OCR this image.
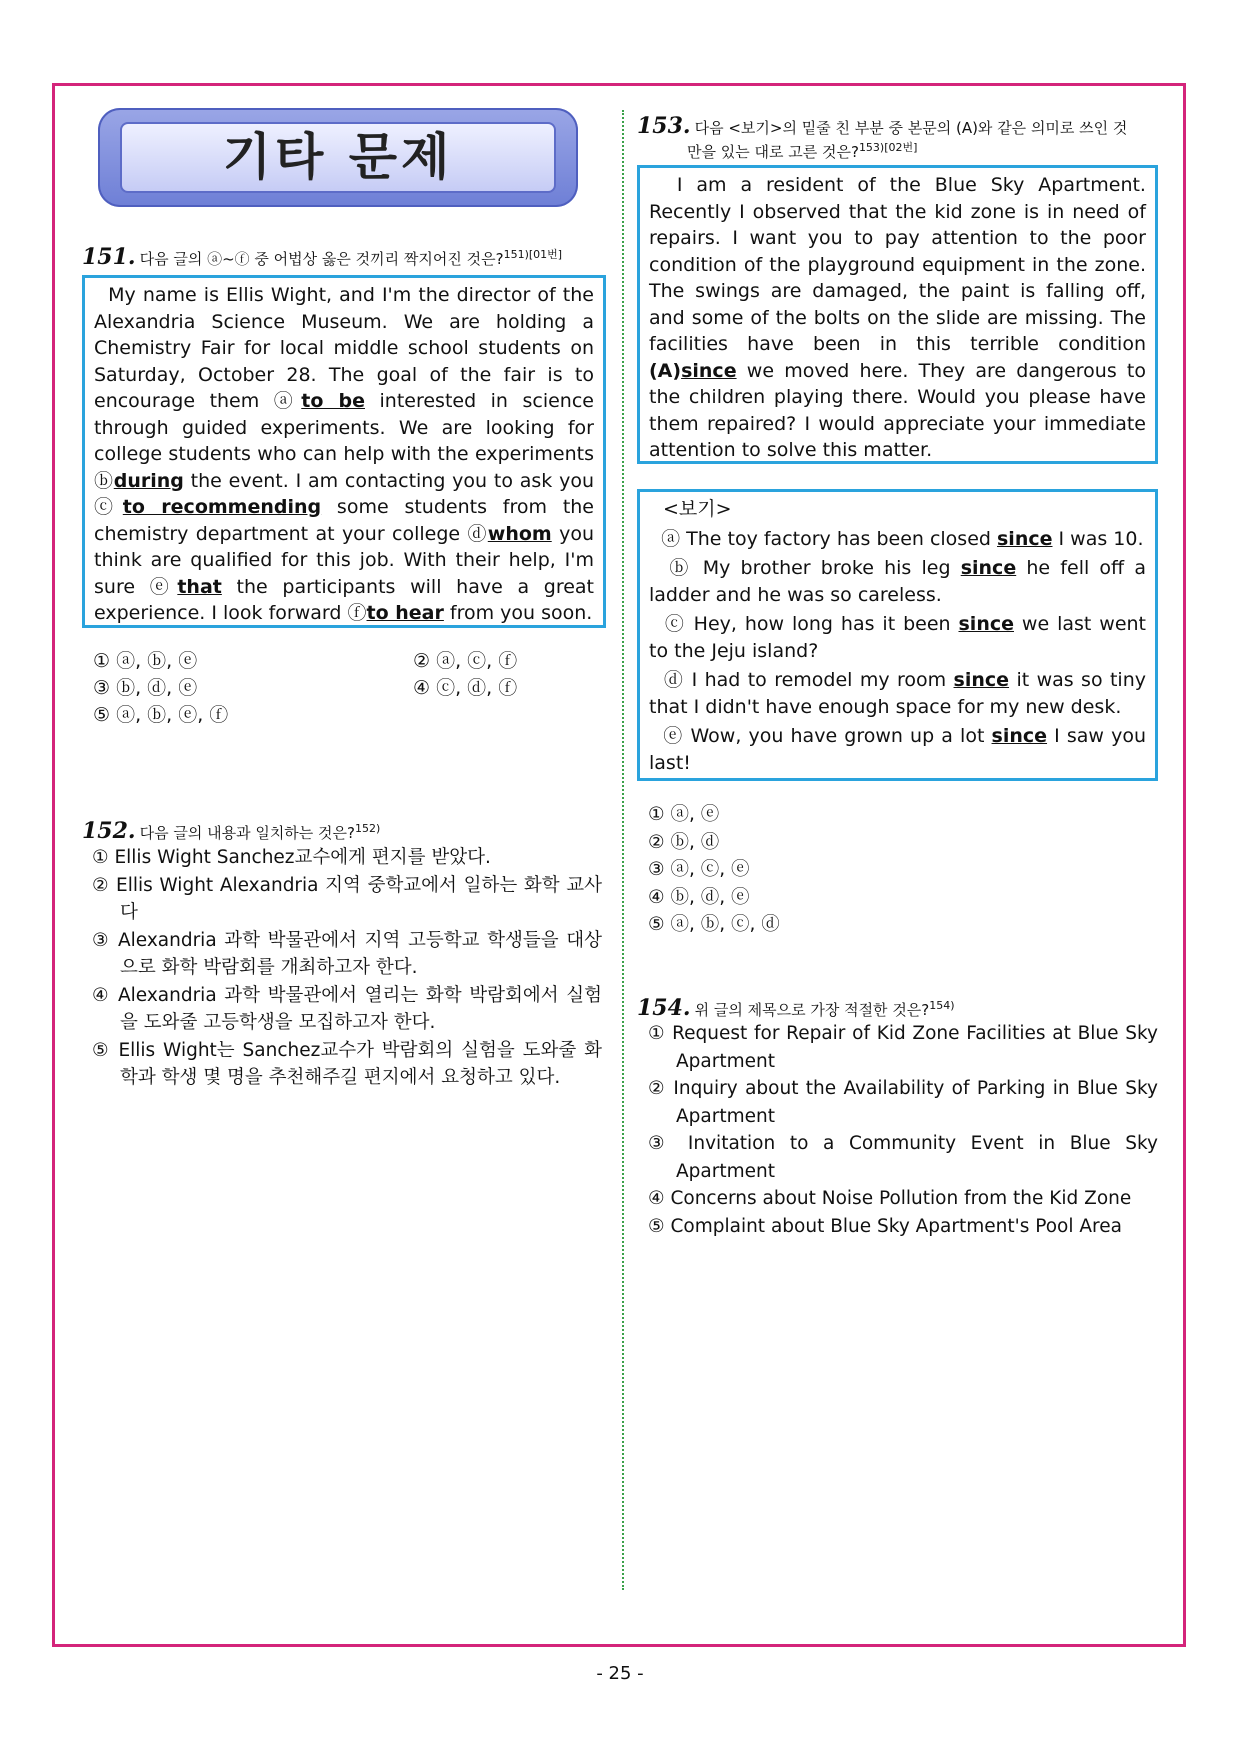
기타 문제
151. 다음 글의 ⓐ~ⓕ 중 어법상 옳은 것끼리 짝지어진 것은?$^{151)[01번]}$

My name is Ellis Wight, and I'm the director of the Alexandria Science Museum. We are holding a Chemistry Fair for local middle school students on Saturday, October 28. The goal of the fair is to encourage them ⓐto be interested in science through guided experiments. We are looking for college students who can help with the experiments ⓑduring the event. I am contacting you to ask you ⓒto recommending some students from the chemistry department at your college ⓓwhom you think are qualified for this job. With their help, I'm sure ⓔthat the participants will have a great experience. I look forward ⓕto hear from you soon.

① ⓐ, ⓑ, ⓔ	② ⓐ, ⓒ, ⓕ
③ ⓑ, ⓓ, ⓔ	④ ⓒ, ⓓ, ⓕ
⑤ ⓐ, ⓑ, ⓔ, ⓕ
152. 다음 글의 내용과 일치하는 것은?$^{152)}$
① Ellis Wight Sanchez교수에게 편지를 받았다.
② Ellis Wight Alexandria 지역 중학교에서 일하는 화학 교사다
③ Alexandria 과학 박물관에서 지역 고등학교 학생들을 대상으로 화학 박람회를 개최하고자 한다.
④ Alexandria 과학 박물관에서 열리는 화학 박람회에서 실험을 도와줄 고등학생을 모집하고자 한다.
⑤ Ellis Wight는 Sanchez교수가 박람회의 실험을 도와줄 화학과 학생 몇 명을 추천해주길 편지에서 요청하고 있다.
153. 다음 <보기>의 밑줄 친 부분 중 본문의 (A)와 같은 의미로 쓰인 것
만을 있는 대로 고른 것은?$^{153)[02번]}$

I am a resident of the Blue Sky Apartment. Recently I observed that the kid zone is in need of repairs. I want you to pay attention to the poor condition of the playground equipment in the zone. The swings are damaged, the paint is falling off, and some of the bolts on the slide are missing. The facilities have been in this terrible condition (A)since we moved here. They are dangerous to the children playing there. Would you please have them repaired? I would appreciate your immediate attention to solve this matter.

<보기>

ⓐ The toy factory has been closed since I was 10.

ⓑ My brother broke his leg since he fell off a ladder and he was so careless.

ⓒ Hey, how long has it been since we last went to the Jeju island?

ⓓ I had to remodel my room since it was so tiny that I didn't have enough space for my new desk.

ⓔ Wow, you have grown up a lot since I saw you last!

① ⓐ, ⓔ
② ⓑ, ⓓ
③ ⓐ, ⓒ, ⓔ
④ ⓑ, ⓓ, ⓔ
⑤ ⓐ, ⓑ, ⓒ, ⓓ
154. 위 글의 제목으로 가장 적절한 것은?$^{154)}$
① Request for Repair of Kid Zone Facilities at Blue Sky Apartment
② Inquiry about the Availability of Parking in Blue Sky Apartment
③ Invitation to a Community Event in Blue Sky Apartment
④ Concerns about Noise Pollution from the Kid Zone
⑤ Complaint about Blue Sky Apartment's Pool Area
- 25 -
